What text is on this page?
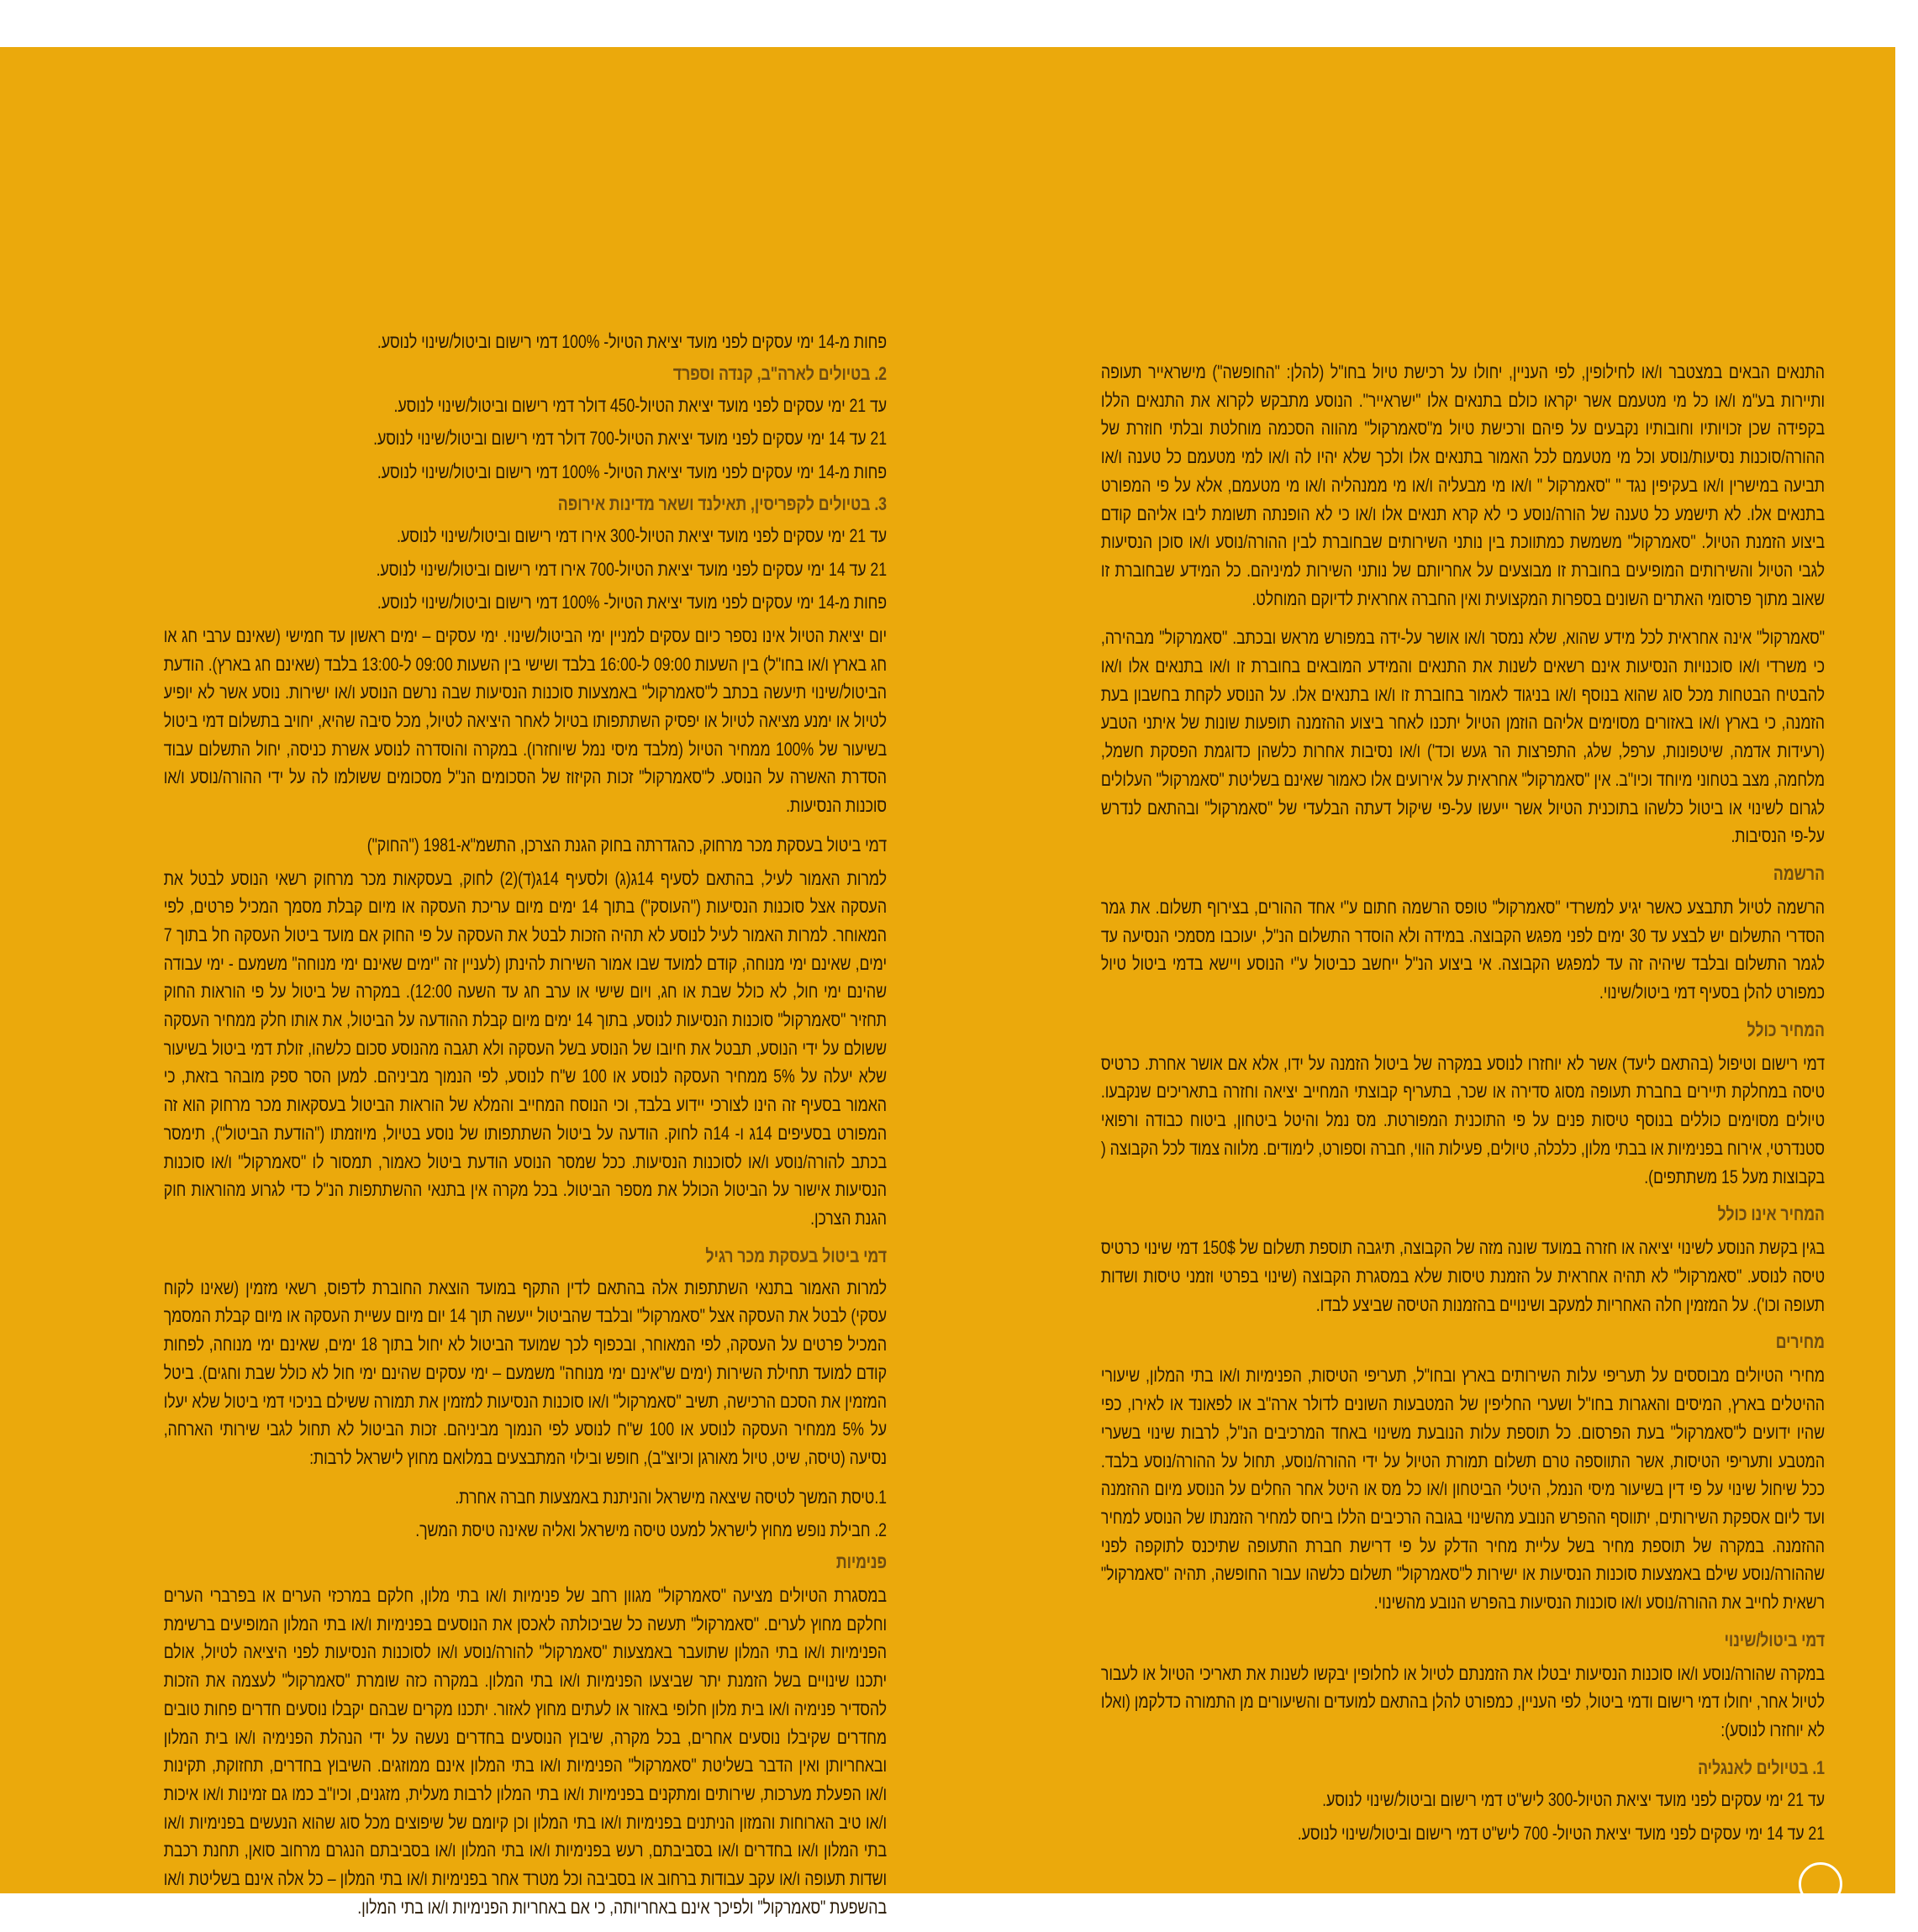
התנאים הבאים במצטבר ו/או לחילופין, לפי העניין, יחולו על רכישת טיול בחו"ל (להלן: "החופשה") מישראייר תעופה ותיירות בע"מ ו/או כל מי מטעמם אשר יקראו כולם בתנאים אלו "ישראייר". הנוסע מתבקש לקרוא את התנאים הללו בקפידה שכן זכויותיו וחובותיו נקבעים על פיהם ורכישת טיול מ"סאמרקול" מהווה הסכמה מוחלטת ובלתי חוזרת של ההורה/סוכנות נסיעות/נוסע וכל מי מטעמם לכל האמור בתנאים אלו ולכך שלא יהיו לה ו/או למי מטעמם כל טענה ו/או תביעה במישרין ו/או בעקיפין נגד " "סאמרקול " ו/או מי מבעליה ו/או מי ממנהליה ו/או מי מטעמם, אלא על פי המפורט בתנאים אלו. לא תישמע כל טענה של הורה/נוסע כי לא קרא תנאים אלו ו/או כי לא הופנתה תשומת ליבו אליהם קודם ביצוע הזמנת הטיול. "סאמרקול" משמשת כמתווכת בין נותני השירותים שבחוברת לבין ההורה/נוסע ו/או סוכן הנסיעות לגבי הטיול והשירותים המופיעים בחוברת זו מבוצעים על אחריותם של נותני השירות למיניהם. כל המידע שבחוברת זו שאוב מתוך פרסומי האתרים השונים בספרות המקצועית ואין החברה אחראית לדיוקם המוחלט.

"סאמרקול" אינה אחראית לכל מידע שהוא, שלא נמסר ו/או אושר על-ידה במפורש מראש ובכתב. "סאמרקול" מבהירה, כי משרדי ו/או סוכנויות הנסיעות אינם רשאים לשנות את התנאים והמידע המובאים בחוברת זו ו/או בתנאים אלו ו/או להבטיח הבטחות מכל סוג שהוא בנוסף ו/או בניגוד לאמור בחוברת זו ו/או בתנאים אלו. על הנוסע לקחת בחשבון בעת הזמנה, כי בארץ ו/או באזורים מסוימים אליהם הוזמן הטיול יתכנו לאחר ביצוע ההזמנה תופעות שונות של איתני הטבע (רעידות אדמה, שיטפונות, ערפל, שלג, התפרצות הר געש וכד') ו/או נסיבות אחרות כלשהן כדוגמת הפסקת חשמל, מלחמה, מצב בטחוני מיוחד וכיו"ב. אין "סאמרקול" אחראית על אירועים אלו כאמור שאינם בשליטת "סאמרקול" העלולים לגרום לשינוי או ביטול כלשהו בתוכנית הטיול אשר ייעשו על-פי שיקול דעתה הבלעדי של "סאמרקול" ובהתאם לנדרש על-פי הנסיבות.

הרשמה

הרשמה לטיול תתבצע כאשר יגיע למשרדי "סאמרקול" טופס הרשמה חתום ע"י אחד ההורים, בצירוף תשלום. את גמר הסדרי התשלום יש לבצע עד 30 ימים לפני מפגש הקבוצה. במידה ולא הוסדר התשלום הנ"ל, יעוכבו מסמכי הנסיעה עד לגמר התשלום ובלבד שיהיה זה עד למפגש הקבוצה. אי ביצוע הנ"ל ייחשב כביטול ע"י הנוסע ויישא בדמי ביטול טיול כמפורט להלן בסעיף דמי ביטול/שינוי.

המחיר כולל

דמי רישום וטיפול (בהתאם ליעד) אשר לא יוחזרו לנוסע במקרה של ביטול הזמנה על ידו, אלא אם אושר אחרת. כרטיס טיסה במחלקת תיירים בחברת תעופה מסוג סדירה או שכר, בתעריף קבוצתי המחייב יציאה וחזרה בתאריכים שנקבעו. טיולים מסוימים כוללים בנוסף טיסות פנים על פי התוכנית המפורטת. מס נמל והיטל ביטחון, ביטוח כבודה ורפואי סטנדרטי, אירוח בפנימיות או בבתי מלון, כלכלה, טיולים, פעילות הווי, חברה וספורט, לימודים. מלווה צמוד לכל הקבוצה ( בקבוצות מעל 15 משתתפים).

המחיר אינו כולל

בגין בקשת הנוסע לשינוי יציאה או חזרה במועד שונה מזה של הקבוצה, תיגבה תוספת תשלום של 150$ דמי שינוי כרטיס טיסה לנוסע. "סאמרקול" לא תהיה אחראית על הזמנת טיסות שלא במסגרת הקבוצה (שינוי בפרטי וזמני טיסות ושדות תעופה וכו'). על המזמין חלה האחריות למעקב ושינויים בהזמנות הטיסה שביצע לבדו.

מחירים

מחירי הטיולים מבוססים על תעריפי עלות השירותים בארץ ובחו"ל, תעריפי הטיסות, הפנימיות ו/או בתי המלון, שיעורי ההיטלים בארץ, המיסים והאגרות בחו"ל ושערי החליפין של המטבעות השונים לדולר ארה"ב או לפאונד או לאירו, כפי שהיו ידועים ל"סאמרקול" בעת הפרסום. כל תוספת עלות הנובעת משינוי באחד המרכיבים הנ"ל, לרבות שינוי בשערי המטבע ותעריפי הטיסות, אשר התווספה טרם תשלום תמורת הטיול על ידי ההורה/נוסע, תחול על ההורה/נוסע בלבד. ככל שיחול שינוי על פי דין בשיעור מיסי הנמל, היטלי הביטחון ו/או כל מס או היטל אחר החלים על הנוסע מיום ההזמנה ועד ליום אספקת השירותים, יתווסף ההפרש הנובע מהשינוי בגובה הרכיבים הללו ביחס למחיר הזמנתו של הנוסע למחיר ההזמנה. במקרה של תוספת מחיר בשל עליית מחיר הדלק על פי דרישת חברת התעופה שתיכנס לתוקפה לפני שההורה/נוסע שילם באמצעות סוכנות הנסיעות או ישירות ל"סאמרקול" תשלום כלשהו עבור החופשה, תהיה "סאמרקול" רשאית לחייב את ההורה/נוסע ו/או סוכנות הנסיעות בהפרש הנובע מהשינוי.

דמי ביטול/שינוי

במקרה שהורה/נוסע ו/או סוכנות הנסיעות יבטלו את הזמנתם לטיול או לחלופין יבקשו לשנות את תאריכי הטיול או לעבור לטיול אחר, יחולו דמי רישום ודמי ביטול, לפי העניין, כמפורט להלן בהתאם למועדים והשיעורים מן התמורה כדלקמן (ואלו לא יוחזרו לנוסע):

1. בטיולים לאנגליה

עד 21 ימי עסקים לפני מועד יציאת הטיול-300 ליש"ט דמי רישום וביטול/שינוי לנוסע.

21 עד 14 ימי עסקים לפני מועד יציאת הטיול- 700 ליש"ט דמי רישום וביטול/שינוי לנוסע.

פחות מ-14 ימי עסקים לפני מועד יציאת הטיול- 100% דמי רישום וביטול/שינוי לנוסע.

2. בטיולים לארה"ב, קנדה וספרד

עד 21 ימי עסקים לפני מועד יציאת הטיול-450 דולר דמי רישום וביטול/שינוי לנוסע.

21 עד 14 ימי עסקים לפני מועד יציאת הטיול-700 דולר דמי רישום וביטול/שינוי לנוסע.

פחות מ-14 ימי עסקים לפני מועד יציאת הטיול- 100% דמי רישום וביטול/שינוי לנוסע.

3. בטיולים לקפריסין, תאילנד ושאר מדינות אירופה

עד 21 ימי עסקים לפני מועד יציאת הטיול-300 אירו דמי רישום וביטול/שינוי לנוסע.

21 עד 14 ימי עסקים לפני מועד יציאת הטיול-700 אירו דמי רישום וביטול/שינוי לנוסע.

פחות מ-14 ימי עסקים לפני מועד יציאת הטיול- 100% דמי רישום וביטול/שינוי לנוסע.

יום יציאת הטיול אינו נספר כיום עסקים למניין ימי הביטול/שינוי. ימי עסקים – ימים ראשון עד חמישי (שאינם ערבי חג או חג בארץ ו/או בחו"ל) בין השעות 09:00 ל-16:00 בלבד ושישי בין השעות 09:00 ל-13:00 בלבד (שאינם חג בארץ). הודעת הביטול/שינוי תיעשה בכתב ל"סאמרקול" באמצעות סוכנות הנסיעות שבה נרשם הנוסע ו/או ישירות. נוסע אשר לא יופיע לטיול או ימנע מציאה לטיול או יפסיק השתתפותו בטיול לאחר היציאה לטיול, מכל סיבה שהיא, יחויב בתשלום דמי ביטול בשיעור של 100% ממחיר הטיול (מלבד מיסי נמל שיוחזרו). במקרה והוסדרה לנוסע אשרת כניסה, יחול התשלום עבוד הסדרת האשרה על הנוסע. ל"סאמרקול" זכות הקיזוז של הסכומים הנ"ל מסכומים ששולמו לה על ידי ההורה/נוסע ו/או סוכנות הנסיעות.

דמי ביטול בעסקת מכר מרחוק, כהגדרתה בחוק הגנת הצרכן, התשמ"א-1981 ("החוק")

למרות האמור לעיל, בהתאם לסעיף 14ג(ג) ולסעיף 14ג(ד)(2) לחוק, בעסקאות מכר מרחוק רשאי הנוסע לבטל את העסקה אצל סוכנות הנסיעות ("העוסק") בתוך 14 ימים מיום עריכת העסקה או מיום קבלת מסמך המכיל פרטים, לפי המאוחר. למרות האמור לעיל לנוסע לא תהיה הזכות לבטל את העסקה על פי החוק אם מועד ביטול העסקה חל בתוך 7 ימים, שאינם ימי מנוחה, קודם למועד שבו אמור השירות להינתן (לעניין זה "ימים שאינם ימי מנוחה" משמעם - ימי עבודה שהינם ימי חול, לא כולל שבת או חג, ויום שישי או ערב חג עד השעה 12:00). במקרה של ביטול על פי הוראות החוק תחזיר "סאמרקול" סוכנות הנסיעות לנוסע, בתוך 14 ימים מיום קבלת ההודעה על הביטול, את אותו חלק ממחיר העסקה ששולם על ידי הנוסע, תבטל את חיובו של הנוסע בשל העסקה ולא תגבה מהנוסע סכום כלשהו, זולת דמי ביטול בשיעור שלא יעלה על 5% ממחיר העסקה לנוסע או 100 ש"ח לנוסע, לפי הנמוך מביניהם. למען הסר ספק מובהר בזאת, כי האמור בסעיף זה הינו לצורכי יידוע בלבד, וכי הנוסח המחייב והמלא של הוראות הביטול בעסקאות מכר מרחוק הוא זה המפורט בסעיפים 14ג ו- 14ה לחוק. הודעה על ביטול השתתפותו של נוסע בטיול, מיוזמתו ("הודעת הביטול"), תימסר בכתב להורה/נוסע ו/או לסוכנות הנסיעות. ככל שמסר הנוסע הודעת ביטול כאמור, תמסור לו "סאמרקול" ו/או סוכנות הנסיעות אישור על הביטול הכולל את מספר הביטול. בכל מקרה אין בתנאי ההשתתפות הנ"ל כדי לגרוע מהוראות חוק הגנת הצרכן.

דמי ביטול בעסקת מכר רגיל

למרות האמור בתנאי השתתפות אלה בהתאם לדין התקף במועד הוצאת החוברת לדפוס, רשאי מזמין (שאינו לקוח עסקי) לבטל את העסקה אצל "סאמרקול" ובלבד שהביטול ייעשה תוך 14 יום מיום עשיית העסקה או מיום קבלת המסמך המכיל פרטים על העסקה, לפי המאוחר, ובכפוף לכך שמועד הביטול לא יחול בתוך 18 ימים, שאינם ימי מנוחה, לפחות קודם למועד תחילת השירות (ימים ש"אינם ימי מנוחה" משמעם – ימי עסקים שהינם ימי חול לא כולל שבת וחגים). ביטל המזמין את הסכם הרכישה, תשיב "סאמרקול" ו/או סוכנות הנסיעות למזמין את תמורה ששילם בניכוי דמי ביטול שלא יעלו על 5% ממחיר העסקה לנוסע או 100 ש"ח לנוסע לפי הנמוך מביניהם. זכות הביטול לא תחול לגבי שירותי הארחה, נסיעה (טיסה, שיט, טיול מאורגן וכיוצ"ב), חופש ובילוי המתבצעים במלואם מחוץ לישראל לרבות:

1.טיסת המשך לטיסה שיצאה מישראל והניתנת באמצעות חברה אחרת.

2. חבילת נופש מחוץ לישראל למעט טיסה מישראל ואליה שאינה טיסת המשך.

פנימיות

במסגרת הטיולים מציעה "סאמרקול" מגוון רחב של פנימיות ו/או בתי מלון, חלקם במרכזי הערים או בפרברי הערים וחלקם מחוץ לערים. "סאמרקול" תעשה כל שביכולתה לאכסן את הנוסעים בפנימיות ו/או בתי המלון המופיעים ברשימת הפנימיות ו/או בתי המלון שתועבר באמצעות "סאמרקול" להורה/נוסע ו/או לסוכנות הנסיעות לפני היציאה לטיול, אולם יתכנו שינויים בשל הזמנת יתר שביצעו הפנימיות ו/או בתי המלון. במקרה כזה שומרת "סאמרקול" לעצמה את הזכות להסדיר פנימיה ו/או בית מלון חלופי באזור או לעתים מחוץ לאזור. יתכנו מקרים שבהם יקבלו נוסעים חדרים פחות טובים מחדרים שקיבלו נוסעים אחרים, בכל מקרה, שיבוץ הנוסעים בחדרים נעשה על ידי הנהלת הפנימיה ו/או בית המלון ובאחריותן ואין הדבר בשליטת "סאמרקול" הפנימיות ו/או בתי המלון אינם ממוזגים. השיבוץ בחדרים, תחזוקת, תקינות ו/או הפעלת מערכות, שירותים ומתקנים בפנימיות ו/או בתי המלון לרבות מעלית, מזגנים, וכיו"ב כמו גם זמינות ו/או איכות ו/או טיב הארוחות והמזון הניתנים בפנימיות ו/או בתי המלון וכן קיומם של שיפוצים מכל סוג שהוא הנעשים בפנימיות ו/או בתי המלון ו/או בחדרים ו/או בסביבתם, רעש בפנימיות ו/או בתי המלון ו/או בסביבתם הנגרם מרחוב סואן, תחנת רכבת ושדות תעופה ו/או עקב עבודות ברחוב או בסביבה וכל מטרד אחר בפנימיות ו/או בתי המלון – כל אלה אינם בשליטת ו/או בהשפעת "סאמרקול" ולפיכך אינם באחריותה, כי אם באחריות הפנימיות ו/או בתי המלון.
